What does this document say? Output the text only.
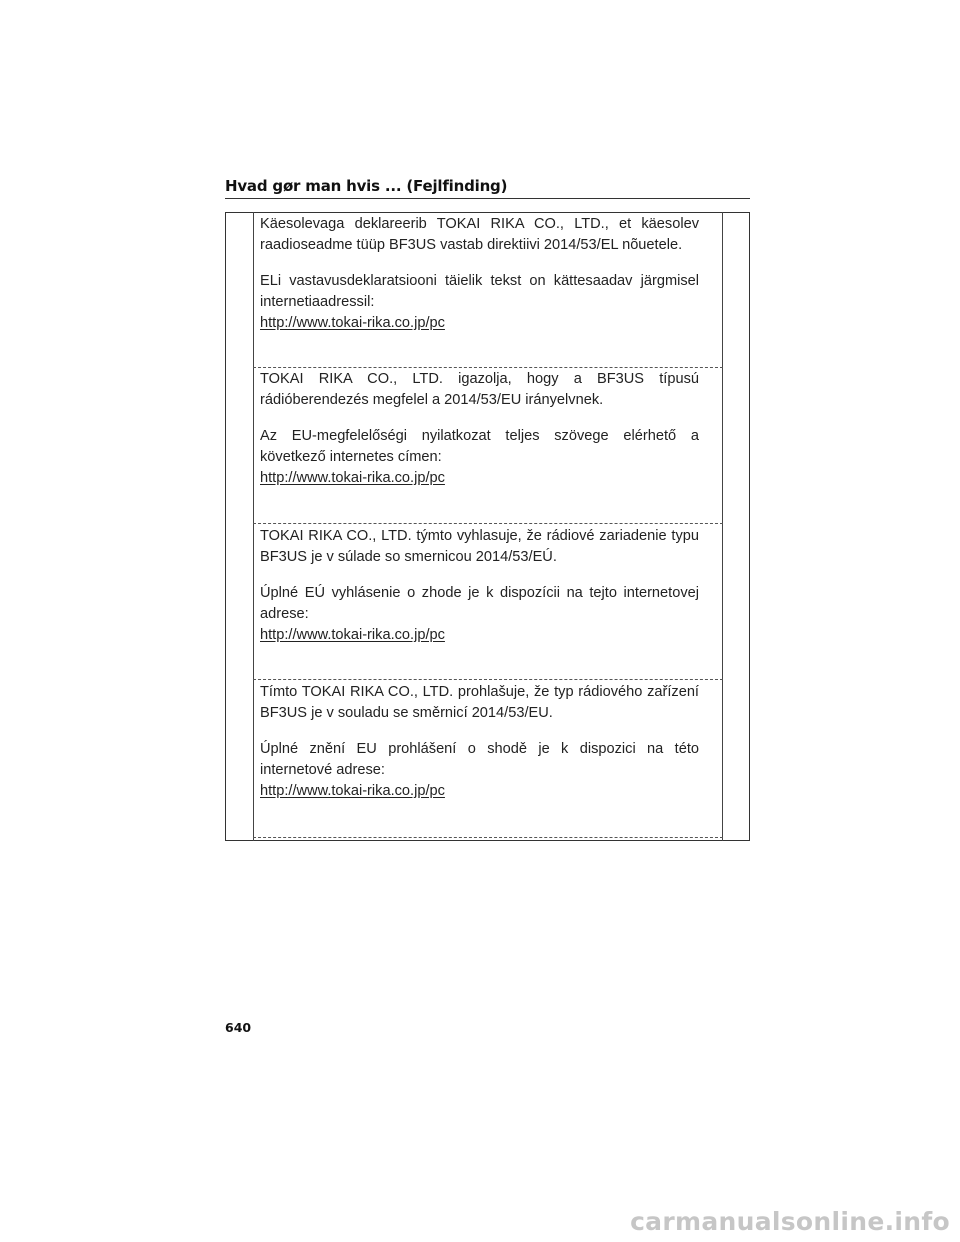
Hvad gør man hvis ... (Fejlfinding)

Käesolevaga deklareerib TOKAI RIKA CO., LTD., et käesolev raadioseadme tüüp BF3US vastab direktiivi 2014/53/EL nõuetele.

ELi vastavusdeklaratsiooni täielik tekst on kättesaadav järgmisel internetiaadressil:
http://www.tokai-rika.co.jp/pc

TOKAI RIKA CO., LTD. igazolja, hogy a BF3US típusú rádióberendezés megfelel a 2014/53/EU irányelvnek.

Az EU-megfelelőségi nyilatkozat teljes szövege elérhető a következő internetes címen:
http://www.tokai-rika.co.jp/pc

TOKAI RIKA CO., LTD. týmto vyhlasuje, že rádiové zariadenie typu BF3US je v súlade so smernicou 2014/53/EÚ.

Úplné EÚ vyhlásenie o zhode je k dispozícii na tejto internetovej adrese:
http://www.tokai-rika.co.jp/pc

Tímto TOKAI RIKA CO., LTD. prohlašuje, že typ rádiového zařízení BF3US je v souladu se směrnicí 2014/53/EU.

Úplné znění EU prohlášení o shodě je k dispozici na této internetové adrese:
http://www.tokai-rika.co.jp/pc

640
carmanualsonline.info
